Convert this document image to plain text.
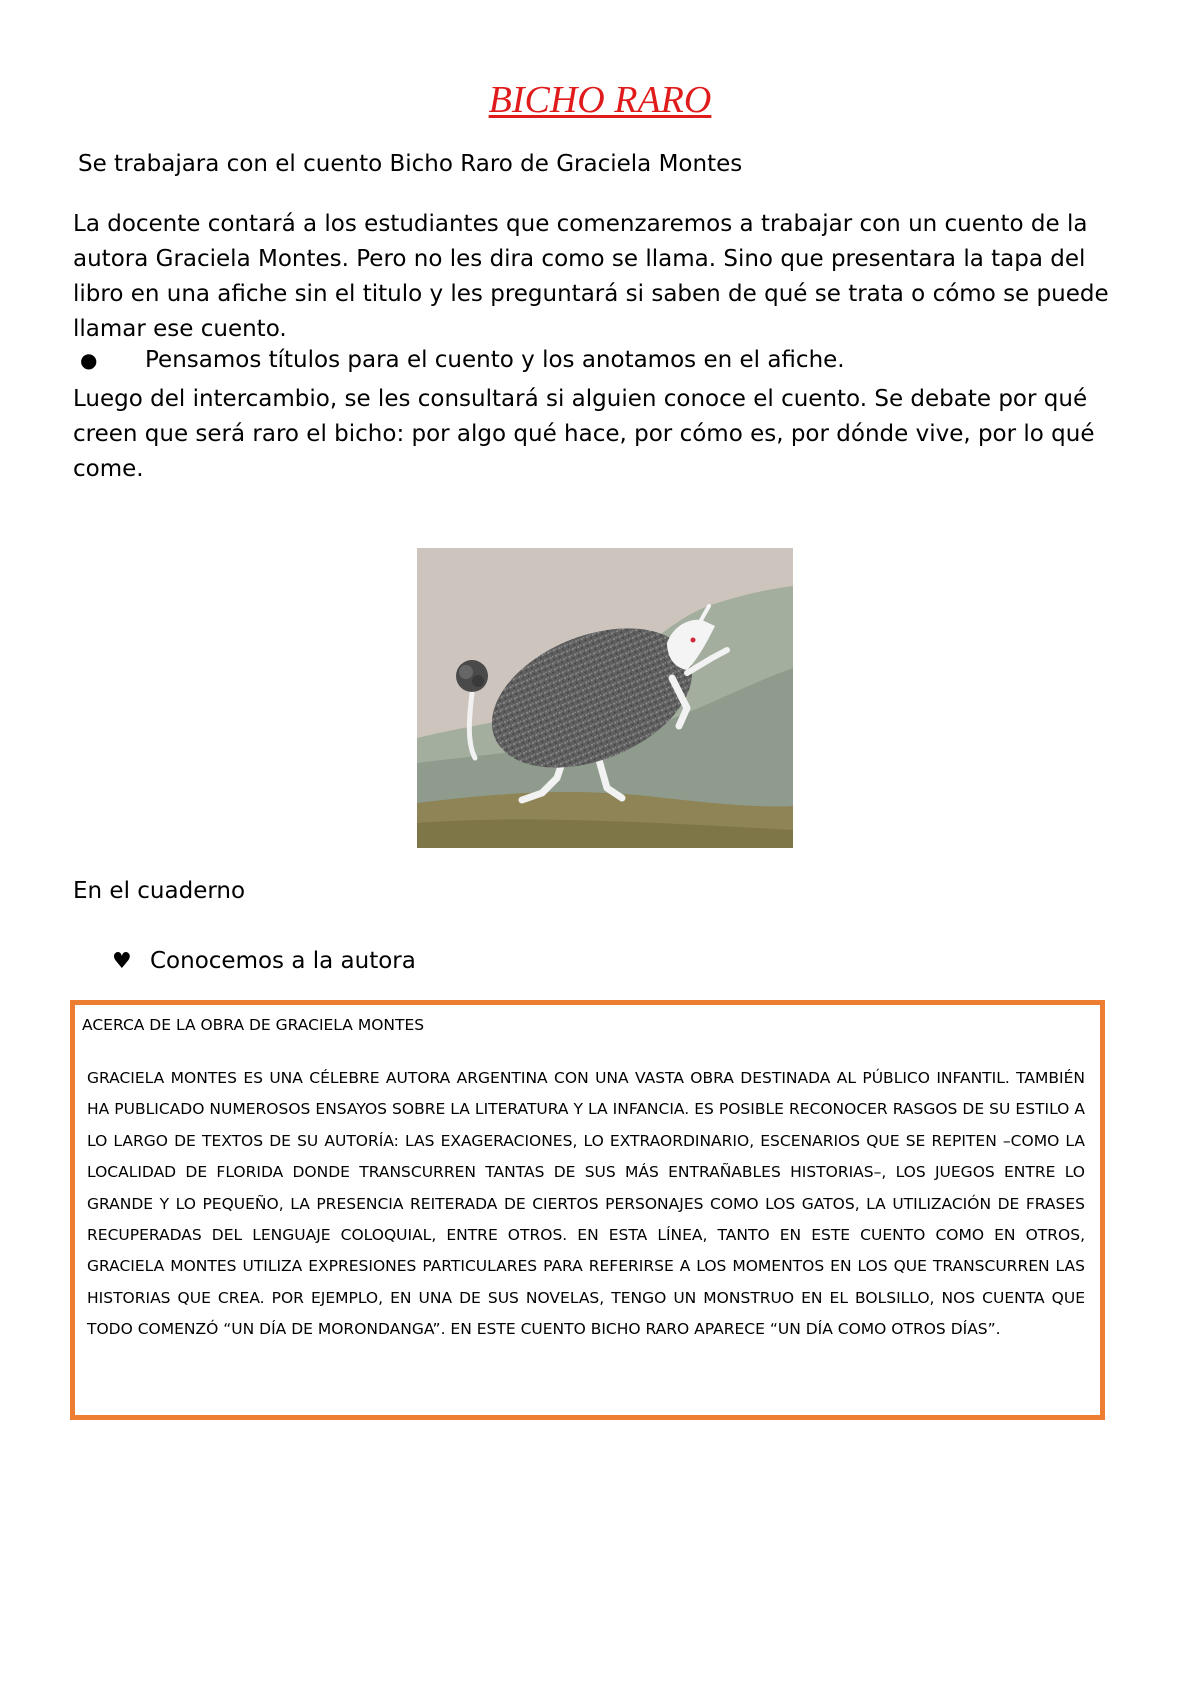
BICHO RARO
Se trabajara con el cuento Bicho Raro de Graciela Montes

La docente contará a los estudiantes que comenzaremos a trabajar con un cuento de la autora Graciela Montes. Pero no les dira como se llama. Sino que presentara la tapa del libro en una afiche sin el titulo y les preguntará si saben de qué se trata o cómo se puede llamar ese cuento.

● Pensamos títulos para el cuento y los anotamos en el afiche.
Luego del intercambio, se les consultará si alguien conoce el cuento. Se debate por qué creen que será raro el bicho: por algo qué hace, por cómo es, por dónde vive, por lo qué come.
En el cuaderno
♥ Conocemos a la autora
ACERCA DE LA OBRA DE GRACIELA MONTES
GRACIELA MONTES ES UNA CÉLEBRE AUTORA ARGENTINA CON UNA VASTA OBRA DESTINADA AL PÚBLICO INFANTIL. TAMBIÉN HA PUBLICADO NUMEROSOS ENSAYOS SOBRE LA LITERATURA Y LA INFANCIA. ES POSIBLE RECONOCER RASGOS DE SU ESTILO A LO LARGO DE TEXTOS DE SU AUTORÍA: LAS EXAGERACIONES, LO EXTRAORDINARIO, ESCENARIOS QUE SE REPITEN –COMO LA LOCALIDAD DE FLORIDA DONDE TRANSCURREN TANTAS DE SUS MÁS ENTRAÑABLES HISTORIAS–, LOS JUEGOS ENTRE LO GRANDE Y LO PEQUEÑO, LA PRESENCIA REITERADA DE CIERTOS PERSONAJES COMO LOS GATOS, LA UTILIZACIÓN DE FRASES RECUPERADAS DEL LENGUAJE COLOQUIAL, ENTRE OTROS. EN ESTA LÍNEA, TANTO EN ESTE CUENTO COMO EN OTROS, GRACIELA MONTES UTILIZA EXPRESIONES PARTICULARES PARA REFERIRSE A LOS MOMENTOS EN LOS QUE TRANSCURREN LAS HISTORIAS QUE CREA. POR EJEMPLO, EN UNA DE SUS NOVELAS, TENGO UN MONSTRUO EN EL BOLSILLO, NOS CUENTA QUE TODO COMENZÓ “UN DÍA DE MORONDANGA”. EN ESTE CUENTO BICHO RARO APARECE “UN DÍA COMO OTROS DÍAS”.
